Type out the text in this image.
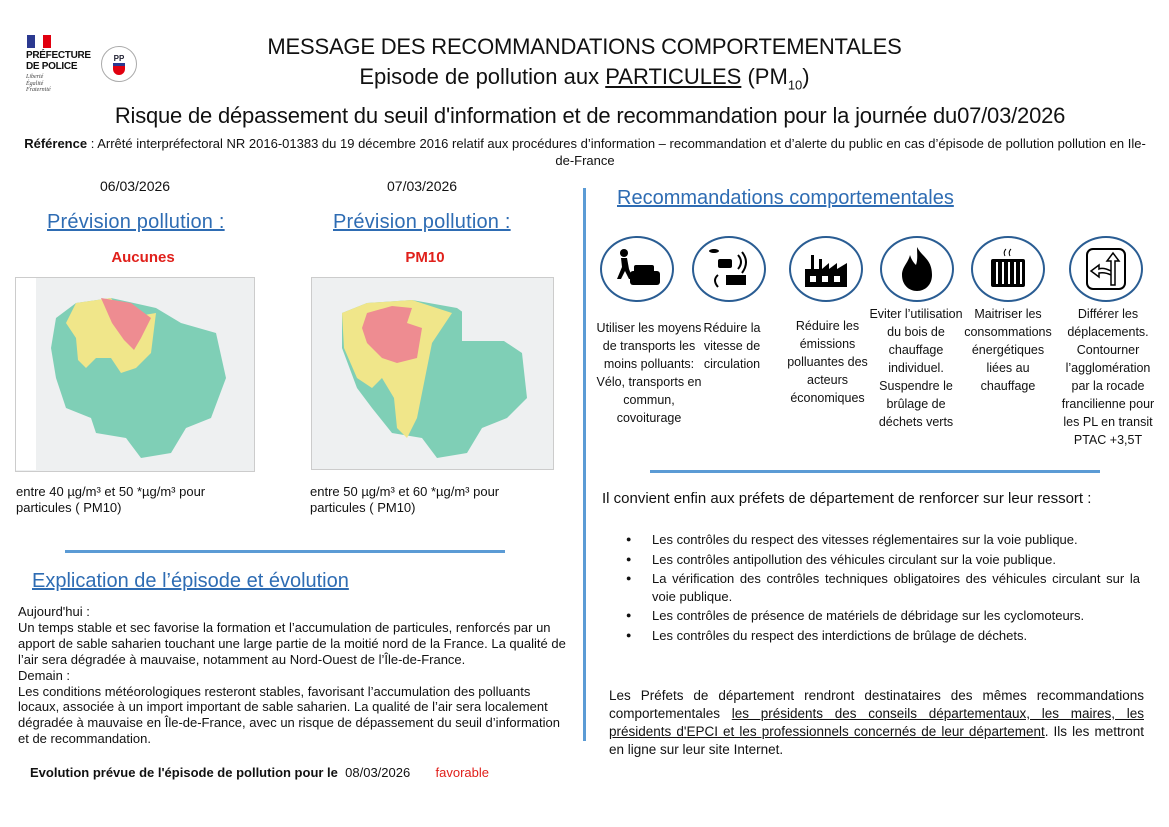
PRÉFECTURE
DE POLICE
Liberté
Égalité
Fraternité
PP	MESSAGE DES RECOMMANDATIONS COMPORTEMENTALES
Episode de pollution aux PARTICULES $(PM_{10})$
Risque de dépassement du seuil d'information et de recommandation pour la journée du07/03/2026
Référence : Arrêté interpréfectoral NR 2016-01383 du 19 décembre 2016 relatif aux procédures d’information – recommandation et d’alerte du public en cas d’épisode de pollution pollution en Ile-de-France
06/03/2026	07/03/2026
Prévision pollution :	Prévision pollution :
Aucunes	PM10
entre 40 µg/m³ et 50 *µg/m³ pour particules ( PM10)
entre 50 µg/m³ et 60 *µg/m³ pour particules ( PM10)
Explication de l’épisode et évolution
Aujourd'hui :
Un temps stable et sec favorise la formation et l’accumulation de particules, renforcés par un apport de sable saharien touchant une large partie de la moitié nord de la France. La qualité de l’air sera dégradée à mauvaise, notamment au Nord-Ouest de l’Île-de-France.
Demain :
Les conditions météorologiques resteront stables, favorisant l’accumulation des polluants locaux, associée à un import important de sable saharien. La qualité de l’air sera localement dégradée à mauvaise en Île-de-France, avec un risque de dépassement du seuil d’information et de recommandation.
Evolution prévue de l'épisode de pollution pour le 08/03/2026 favorable
Recommandations comportementales
Utiliser les moyens de transports les moins polluants: Vélo, transports en commun, covoiturage
Réduire la vitesse de circulation
Réduire les émissions polluantes des acteurs économiques
Eviter l’utilisation du bois de chauffage individuel. Suspendre le brûlage de déchets verts
Maitriser les consommations énergétiques liées au chauffage
Différer les déplacements. Contourner l’agglomération par la rocade francilienne pour les PL en transit PTAC +3,5T
Il convient enfin aux préfets de département de renforcer sur leur ressort :
● Les contrôles du respect des vitesses réglementaires sur la voie publique.
● Les contrôles antipollution des véhicules circulant sur la voie publique.
● La vérification des contrôles techniques obligatoires des véhicules circulant sur la voie publique.
● Les contrôles de présence de matériels de débridage sur les cyclomoteurs.
● Les contrôles du respect des interdictions de brûlage de déchets.
Les Préfets de département rendront destinataires des mêmes recommandations comportementales les présidents des conseils départementaux, les maires, les présidents d'EPCI et les professionnels concernés de leur département. Ils les mettront en ligne sur leur site Internet.
